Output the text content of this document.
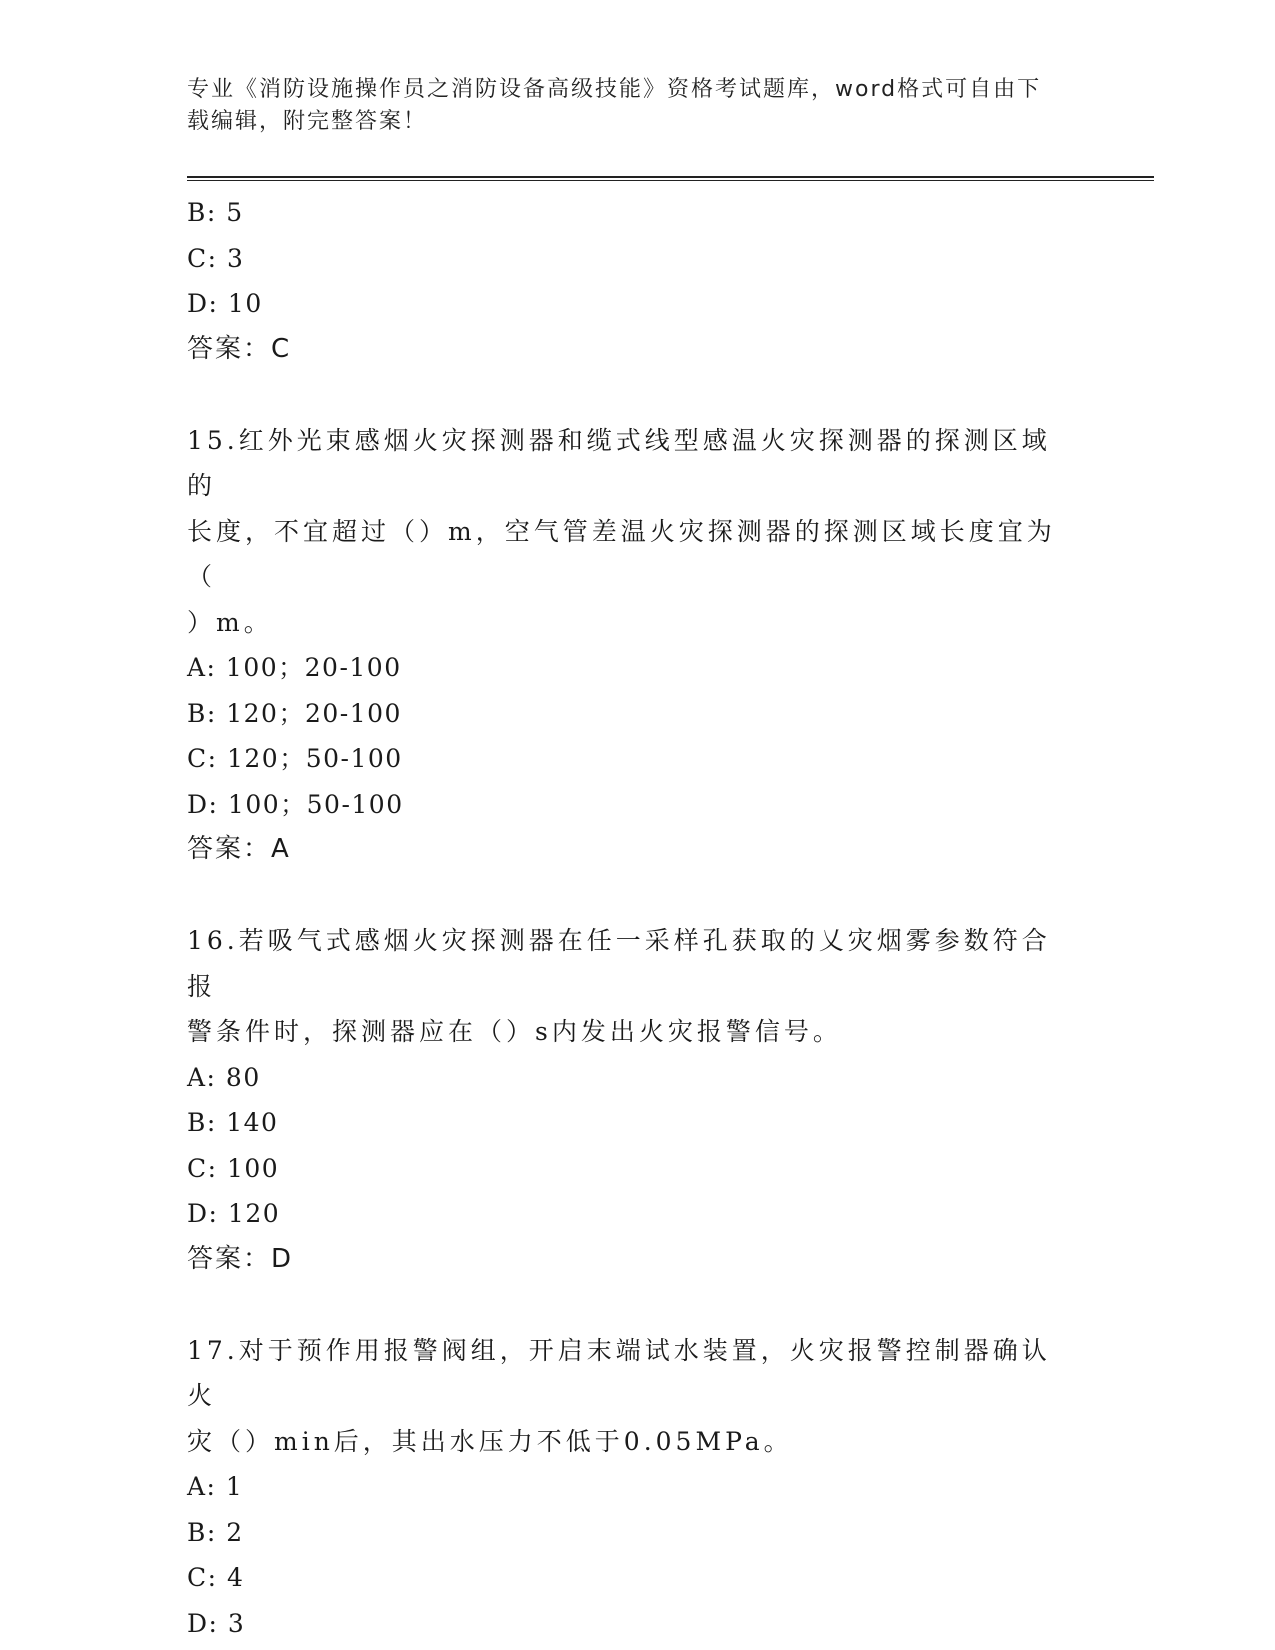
专业《消防设施操作员之消防设备高级技能》资格考试题库，word格式可自由下
载编辑，附完整答案！
B: 5
C: 3
D: 10
答案：C
15.红外光束感烟火灾探测器和缆式线型感温火灾探测器的探测区域的
长度，不宜超过（）m，空气管差温火灾探测器的探测区域长度宜为（
）m。
A: 100；20-100
B: 120；20-100
C: 120；50-100
D: 100；50-100
答案：A
16.若吸气式感烟火灾探测器在任一采样孔获取的乂灾烟雾参数符合报
警条件时，探测器应在（）s内发出火灾报警信号。
A: 80
B: 140
C: 100
D: 120
答案：D
17.对于预作用报警阀组，开启末端试水装置，火灾报警控制器确认火
灾（）min后，其出水压力不低于0.05MPa。
A: 1
B: 2
C: 4
D: 3
